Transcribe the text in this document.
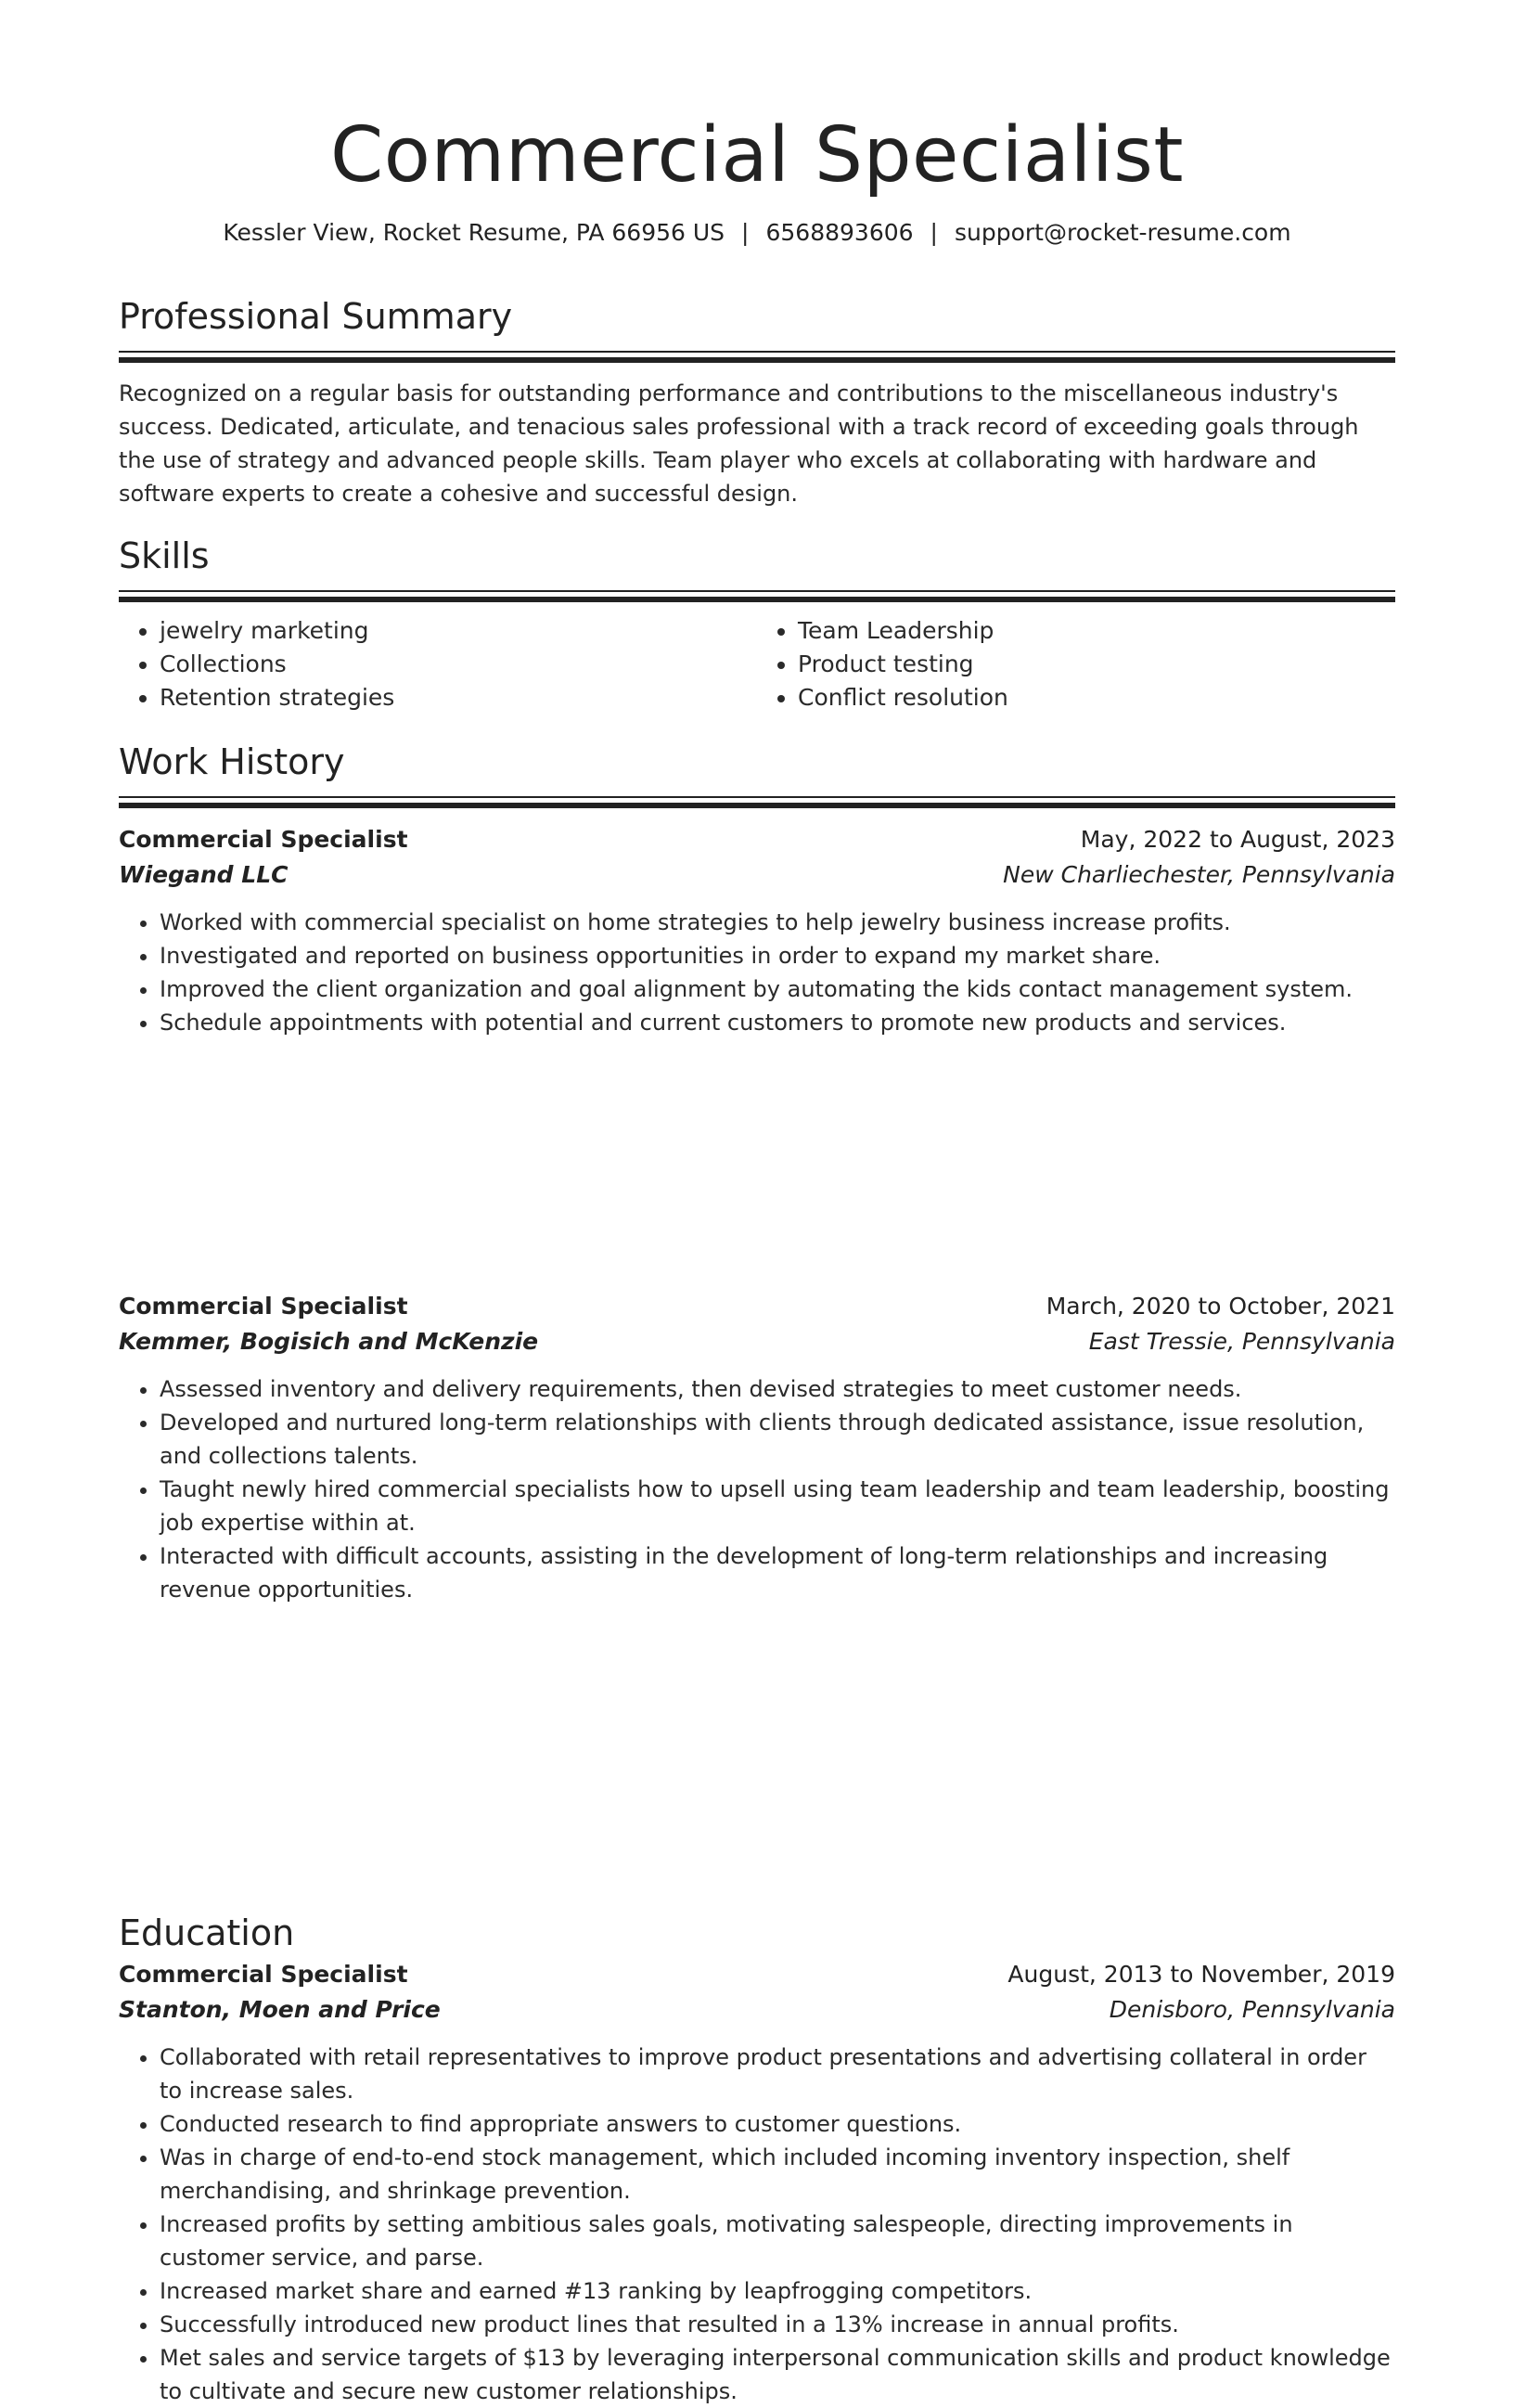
Commercial Specialist
Kessler View, Rocket Resume, PA 66956 US | 6568893606 | support@rocket-resume.com
Professional Summary

Recognized on a regular basis for outstanding performance and contributions to the miscellaneous industry's success. Dedicated, articulate, and tenacious sales professional with a track record of exceeding goals through the use of strategy and advanced people skills. Team player who excels at collaborating with hardware and software experts to create a cohesive and successful design.

Skills
• jewelry marketing
• Collections
• Retention strategies
• Team Leadership
• Product testing
• Conflict resolution
Work History
Commercial Specialist	May, 2022 to August, 2023
Wiegand LLC	New Charliechester, Pennsylvania
• Worked with commercial specialist on home strategies to help jewelry business increase profits.
• Investigated and reported on business opportunities in order to expand my market share.
• Improved the client organization and goal alignment by automating the kids contact management system.
• Schedule appointments with potential and current customers to promote new products and services.
Commercial Specialist	March, 2020 to October, 2021
Kemmer, Bogisich and McKenzie	East Tressie, Pennsylvania
• Assessed inventory and delivery requirements, then devised strategies to meet customer needs.
• Developed and nurtured long-term relationships with clients through dedicated assistance, issue resolution, and collections talents.
• Taught newly hired commercial specialists how to upsell using team leadership and team leadership, boosting job expertise within at.
• Interacted with difficult accounts, assisting in the development of long-term relationships and increasing revenue opportunities.
Commercial Specialist	August, 2013 to November, 2019
Stanton, Moen and Price	Denisboro, Pennsylvania
• Collaborated with retail representatives to improve product presentations and advertising collateral in order to increase sales.
• Conducted research to find appropriate answers to customer questions.
• Was in charge of end-to-end stock management, which included incoming inventory inspection, shelf merchandising, and shrinkage prevention.
• Increased profits by setting ambitious sales goals, motivating salespeople, directing improvements in customer service, and parse.
• Increased market share and earned #13 ranking by leapfrogging competitors.
• Successfully introduced new product lines that resulted in a 13% increase in annual profits.
• Met sales and service targets of $13 by leveraging interpersonal communication skills and product knowledge to cultivate and secure new customer relationships.
Education
